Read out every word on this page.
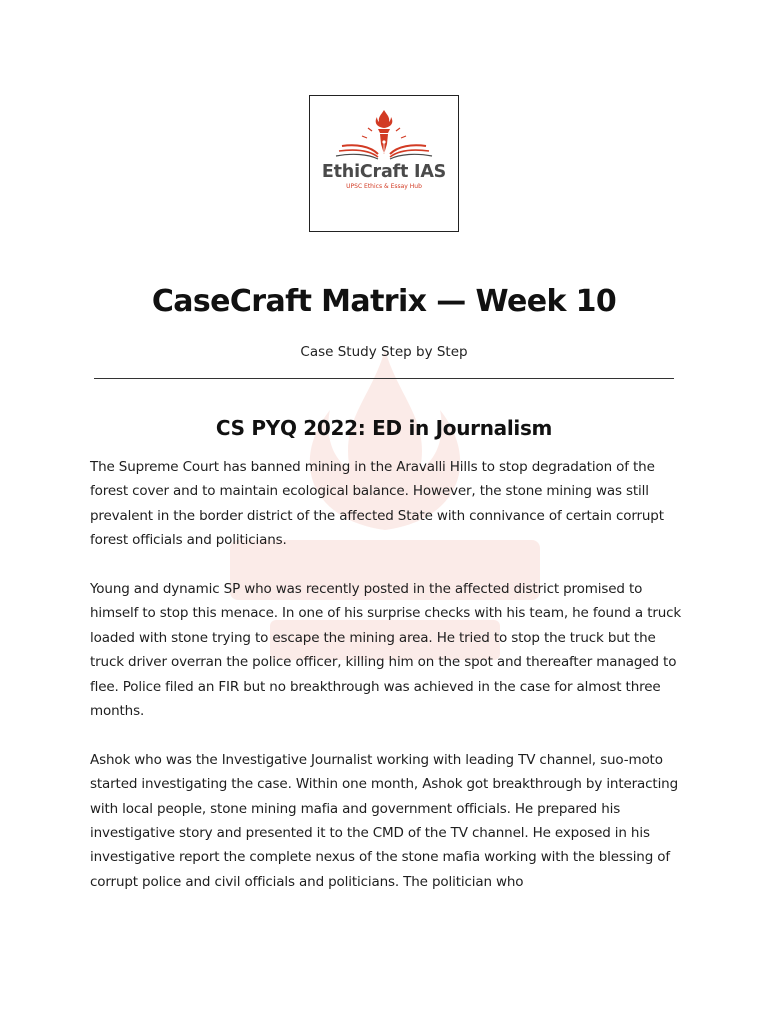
EthiCraft IAS
UPSC Ethics & Essay Hub
CaseCraft Matrix — Week 10
Case Study Step by Step
CS PYQ 2022: ED in Journalism

The Supreme Court has banned mining in the Aravalli Hills to stop degradation of the forest cover and to maintain ecological balance. However, the stone mining was still prevalent in the border district of the affected State with connivance of certain corrupt forest officials and politicians.

Young and dynamic SP who was recently posted in the affected district promised to himself to stop this menace. In one of his surprise checks with his team, he found a truck loaded with stone trying to escape the mining area. He tried to stop the truck but the truck driver overran the police officer, killing him on the spot and thereafter managed to flee. Police filed an FIR but no breakthrough was achieved in the case for almost three months.

Ashok who was the Investigative Journalist working with leading TV channel, suo-moto started investigating the case. Within one month, Ashok got breakthrough by interacting with local people, stone mining mafia and government officials. He prepared his investigative story and presented it to the CMD of the TV channel. He exposed in his investigative report the complete nexus of the stone mafia working with the blessing of corrupt police and civil officials and politicians. The politician who
